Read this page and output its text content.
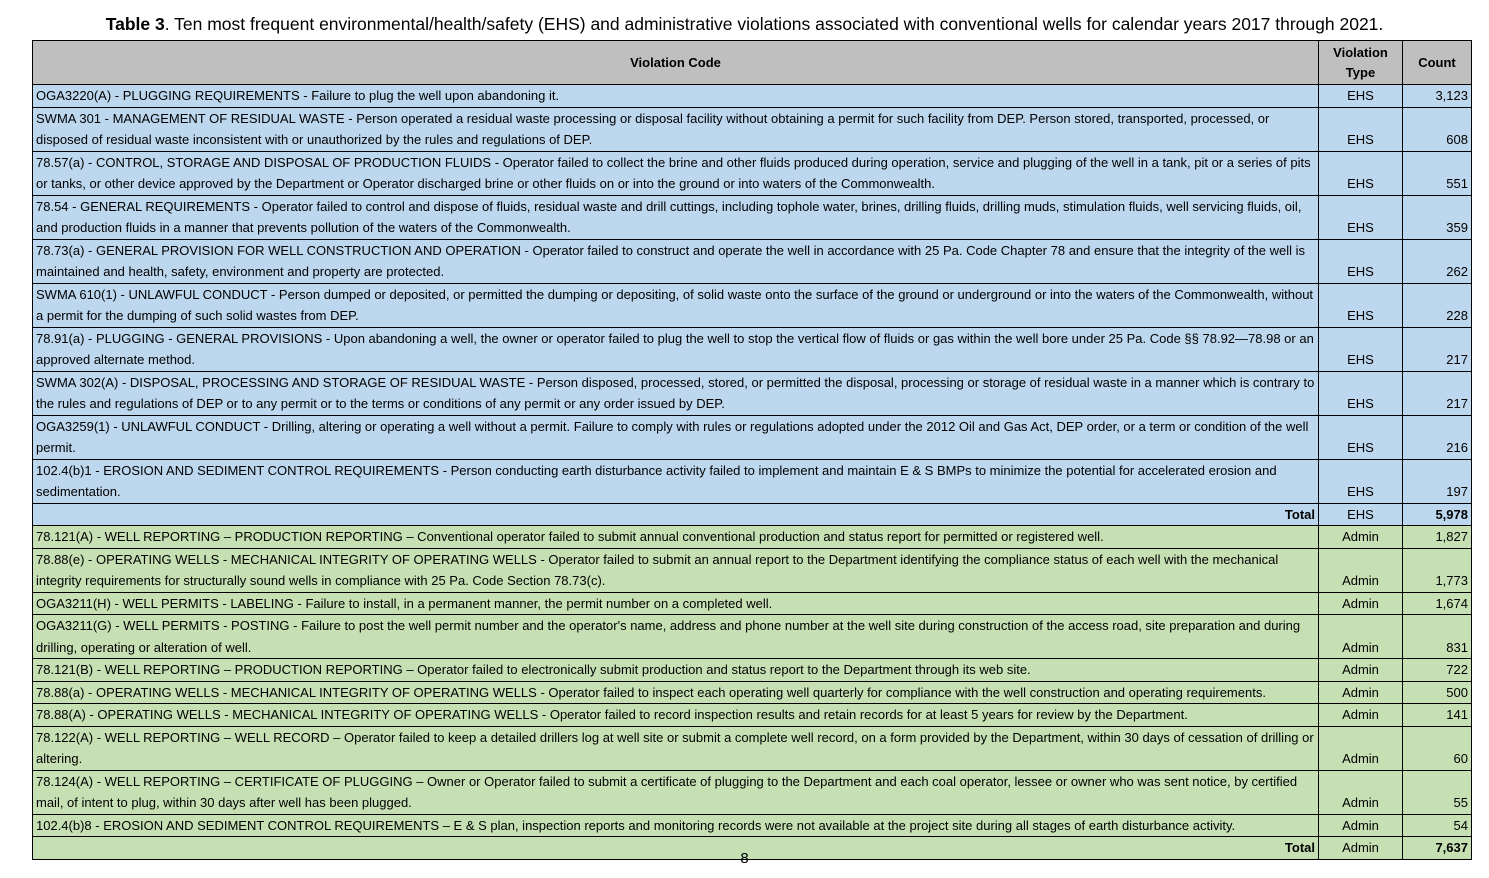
Table 3. Ten most frequent environmental/health/safety (EHS) and administrative violations associated with conventional wells for calendar years 2017 through 2021.
Violation Code	Violation Type	Count
OGA3220(A) - PLUGGING REQUIREMENTS - Failure to plug the well upon abandoning it.	EHS	3,123
SWMA 301 - MANAGEMENT OF RESIDUAL WASTE - Person operated a residual waste processing or disposal facility without obtaining a permit for such facility from DEP. Person stored, transported, processed, or disposed of residual waste inconsistent with or unauthorized by the rules and regulations of DEP.	EHS	608
78.57(a) - CONTROL, STORAGE AND DISPOSAL OF PRODUCTION FLUIDS - Operator failed to collect the brine and other fluids produced during operation, service and plugging of the well in a tank, pit or a series of pits or tanks, or other device approved by the Department or Operator discharged brine or other fluids on or into the ground or into waters of the Commonwealth.	EHS	551
78.54 - GENERAL REQUIREMENTS - Operator failed to control and dispose of fluids, residual waste and drill cuttings, including tophole water, brines, drilling fluids, drilling muds, stimulation fluids, well servicing fluids, oil, and production fluids in a manner that prevents pollution of the waters of the Commonwealth.	EHS	359
78.73(a) - GENERAL PROVISION FOR WELL CONSTRUCTION AND OPERATION - Operator failed to construct and operate the well in accordance with 25 Pa. Code Chapter 78 and ensure that the integrity of the well is maintained and health, safety, environment and property are protected.	EHS	262
SWMA 610(1) - UNLAWFUL CONDUCT - Person dumped or deposited, or permitted the dumping or depositing, of solid waste onto the surface of the ground or underground or into the waters of the Commonwealth, without a permit for the dumping of such solid wastes from DEP.	EHS	228
78.91(a) - PLUGGING - GENERAL PROVISIONS - Upon abandoning a well, the owner or operator failed to plug the well to stop the vertical flow of fluids or gas within the well bore under 25 Pa. Code §§ 78.92—78.98 or an approved alternate method.	EHS	217
SWMA 302(A) - DISPOSAL, PROCESSING AND STORAGE OF RESIDUAL WASTE - Person disposed, processed, stored, or permitted the disposal, processing or storage of residual waste in a manner which is contrary to the rules and regulations of DEP or to any permit or to the terms or conditions of any permit or any order issued by DEP.	EHS	217
OGA3259(1) - UNLAWFUL CONDUCT - Drilling, altering or operating a well without a permit. Failure to comply with rules or regulations adopted under the 2012 Oil and Gas Act, DEP order, or a term or condition of the well permit.	EHS	216
102.4(b)1 - EROSION AND SEDIMENT CONTROL REQUIREMENTS - Person conducting earth disturbance activity failed to implement and maintain E & S BMPs to minimize the potential for accelerated erosion and sedimentation.	EHS	197
Total	EHS	5,978
78.121(A) - WELL REPORTING – PRODUCTION REPORTING – Conventional operator failed to submit annual conventional production and status report for permitted or registered well.	Admin	1,827
78.88(e) - OPERATING WELLS - MECHANICAL INTEGRITY OF OPERATING WELLS - Operator failed to submit an annual report to the Department identifying the compliance status of each well with the mechanical integrity requirements for structurally sound wells in compliance with 25 Pa. Code Section 78.73(c).	Admin	1,773
OGA3211(H) - WELL PERMITS - LABELING - Failure to install, in a permanent manner, the permit number on a completed well.	Admin	1,674
OGA3211(G) - WELL PERMITS - POSTING - Failure to post the well permit number and the operator's name, address and phone number at the well site during construction of the access road, site preparation and during drilling, operating or alteration of well.	Admin	831
78.121(B) - WELL REPORTING – PRODUCTION REPORTING – Operator failed to electronically submit production and status report to the Department through its web site.	Admin	722
78.88(a) - OPERATING WELLS - MECHANICAL INTEGRITY OF OPERATING WELLS - Operator failed to inspect each operating well quarterly for compliance with the well construction and operating requirements.	Admin	500
78.88(A) - OPERATING WELLS - MECHANICAL INTEGRITY OF OPERATING WELLS - Operator failed to record inspection results and retain records for at least 5 years for review by the Department.	Admin	141
78.122(A) - WELL REPORTING – WELL RECORD – Operator failed to keep a detailed drillers log at well site or submit a complete well record, on a form provided by the Department, within 30 days of cessation of drilling or altering.	Admin	60
78.124(A) - WELL REPORTING – CERTIFICATE OF PLUGGING – Owner or Operator failed to submit a certificate of plugging to the Department and each coal operator, lessee or owner who was sent notice, by certified mail, of intent to plug, within 30 days after well has been plugged.	Admin	55
102.4(b)8 - EROSION AND SEDIMENT CONTROL REQUIREMENTS – E & S plan, inspection reports and monitoring records were not available at the project site during all stages of earth disturbance activity.	Admin	54
Total	Admin	7,637
8
